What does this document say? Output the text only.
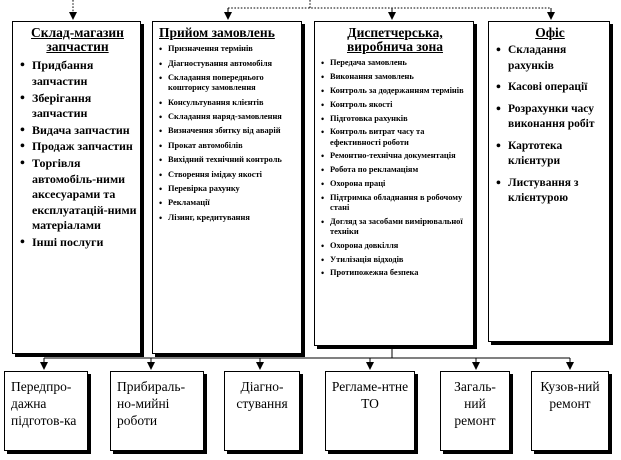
Склад-магазин запчастин
• Придбання запчастин
• Зберігання запчастин
• Видача запчастин
• Продаж запчастин
• Торгівля автомобіль-ними аксесуарами та експлуатацій-ними матеріалами
• Інші послуги
Прийом замовлень
• Призначення термінів
• Діагностування автомобіля
• Складання попереднього кошторису замовлення
• Консультування клієнтів
• Складання наряд-замовлення
• Визначення збитку від аварій
• Прокат автомобілів
• Вихідний технічний контроль
• Створення іміджу якості
• Перевірка рахунку
• Рекламації
• Лізинг, кредитування
Диспетчерська, виробнича зона
• Передача замовлень
• Виконання замовлень
• Контроль за додержанням термінів
• Контроль якості
• Підготовка рахунків
• Контроль витрат часу та ефективності роботи
• Ремонтно-технічна документація
• Робота по рекламаціям
• Охорона праці
• Підтримка обладнання в робочому стані
• Догляд за засобами вимірювальної техніки
• Охорона довкілля
• Утилізація відходів
• Протипожежна безпека
Офіс
• Складання рахунків
• Касові операції
• Розрахунки часу виконання робіт
• Картотека клієнтури
• Листування з клієнтурою
Передпро-дажна підготов-ка
Прибираль-но-мийні роботи
Діагно-стування
Регламе-нтне ТО
Загаль-ний ремонт
Кузов-ний ремонт
